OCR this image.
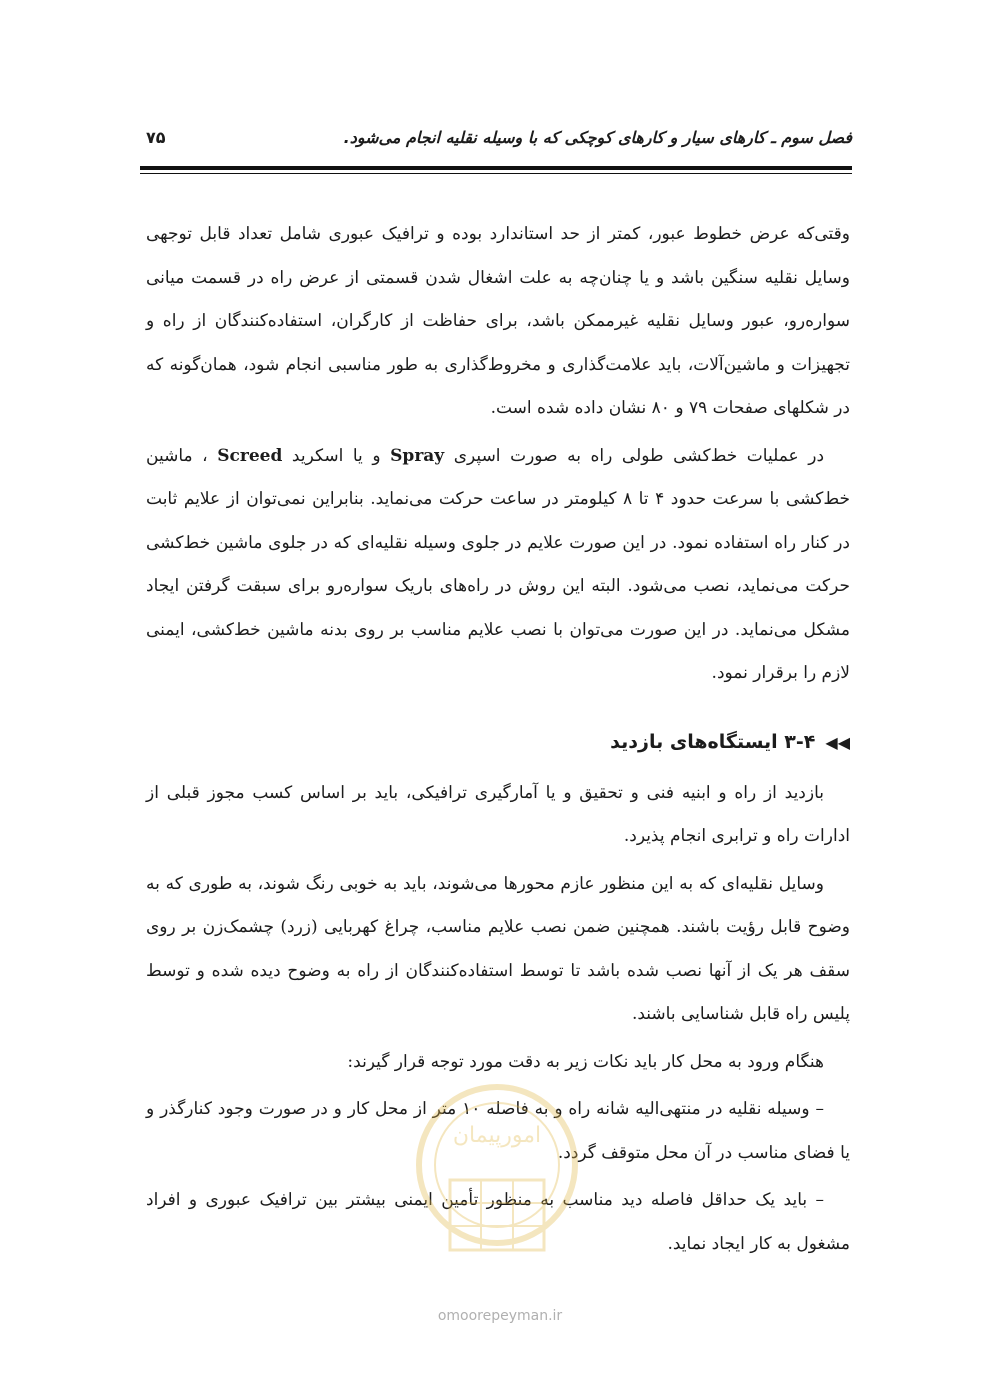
فصل سوم ـ کارهای سیار و کارهای کوچکی که با وسیله نقلیه انجام می‌شود.
۷۵

وقتی‌که عرض خطوط عبور، کمتر از حد استاندارد بوده و ترافیک عبوری شامل تعداد قابل توجهی وسایل نقلیه سنگین باشد و یا چنان‌چه به علت اشغال شدن قسمتی از عرض راه در قسمت میانی سواره‌رو، عبور وسایل نقلیه غیرممکن باشد، برای حفاظت از کارگران، استفاده‌کنندگان از راه و تجهیزات و ماشین‌آلات، باید علامت‌گذاری و مخروط‌گذاری به طور مناسبی انجام شود، همان‌گونه که در شکلهای صفحات ۷۹ و ۸۰ نشان داده شده است.

در عملیات خط‌کشی طولی راه به صورت اسپری Spray و یا اسکرید Screed ، ماشین خط‌کشی با سرعت حدود ۴ تا ۸ کیلومتر در ساعت حرکت می‌نماید. بنابراین نمی‌توان از علایم ثابت در کنار راه استفاده نمود. در این صورت علایم در جلوی وسیله نقلیه‌ای که در جلوی ماشین خط‌کشی حرکت می‌نماید، نصب می‌شود. البته این روش در راه‌های باریک سواره‌رو برای سبقت گرفتن ایجاد مشکل می‌نماید. در این صورت می‌توان با نصب علایم مناسب بر روی بدنه ماشین خط‌کشی، ایمنی لازم را برقرار نمود.

◀◀۳-۴ ایستگاه‌های بازدید

بازدید از راه و ابنیه فنی و تحقیق و یا آمارگیری ترافیکی، باید بر اساس کسب مجوز قبلی از ادارات راه و ترابری انجام پذیرد.

وسایل نقلیه‌ای که به این منظور عازم محورها می‌شوند، باید به خوبی رنگ شوند، به طوری که به وضوح قابل رؤیت باشند. همچنین ضمن نصب علایم مناسب، چراغ کهربایی (زرد) چشمک‌زن بر روی سقف هر یک از آنها نصب شده باشد تا توسط استفاده‌کنندگان از راه به وضوح دیده شده و توسط پلیس راه قابل شناسایی باشند.

هنگام ورود به محل کار باید نکات زیر به دقت مورد توجه قرار گیرند:

– وسیله نقلیه در منتهی‌الیه شانه راه و به فاصله ۱۰ متر از محل کار و در صورت وجود کنارگذر و یا فضای مناسب در آن محل متوقف گردد.

– باید یک حداقل فاصله دید مناسب به منظور تأمین ایمنی بیشتر بین ترافیک عبوری و افراد مشغول به کار ایجاد نماید.

امورپیمان
omoorepeyman.ir
